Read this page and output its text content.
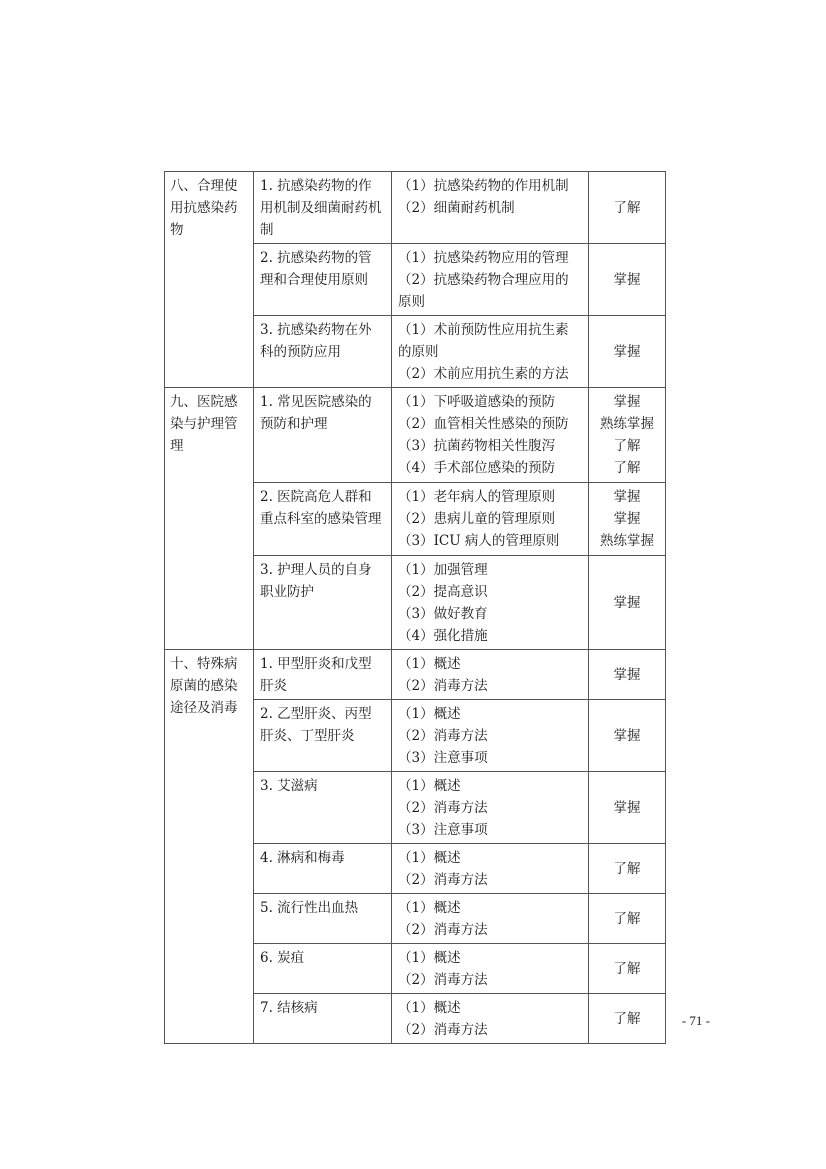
八、合理使用抗感染药物	1. 抗感染药物的作用机制及细菌耐药机制	（1）抗感染药物的作用机制
（2）细菌耐药机制	了解

	2. 抗感染药物的管理和合理使用原则	（1）抗感染药物应用的管理
（2）抗感染药物合理应用的原则	掌握

	3. 抗感染药物在外科的预防应用	（1）术前预防性应用抗生素的原则
（2）术前应用抗生素的方法	掌握

九、医院感染与护理管理	1. 常见医院感染的预防和护理	（1）下呼吸道感染的预防
（2）血管相关性感染的预防
（3）抗菌药物相关性腹泻
（4）手术部位感染的预防	掌握
熟练掌握
了解
了解

	2. 医院高危人群和重点科室的感染管理	（1）老年病人的管理原则
（2）患病儿童的管理原则
（3）ICU 病人的管理原则	掌握
掌握
熟练掌握

	3. 护理人员的自身职业防护	（1）加强管理
（2）提高意识
（3）做好教育
（4）强化措施	掌握

十、特殊病原菌的感染途径及消毒	1. 甲型肝炎和戊型肝炎	（1）概述
（2）消毒方法	掌握

	2. 乙型肝炎、丙型肝炎、丁型肝炎	（1）概述
（2）消毒方法
（3）注意事项	掌握

	3. 艾滋病	（1）概述
（2）消毒方法
（3）注意事项	掌握

	4. 淋病和梅毒	（1）概述
（2）消毒方法	了解

	5. 流行性出血热	（1）概述
（2）消毒方法	了解

	6. 炭疽	（1）概述
（2）消毒方法	了解

	7. 结核病	（1）概述
（2）消毒方法	了解	- 71 -
